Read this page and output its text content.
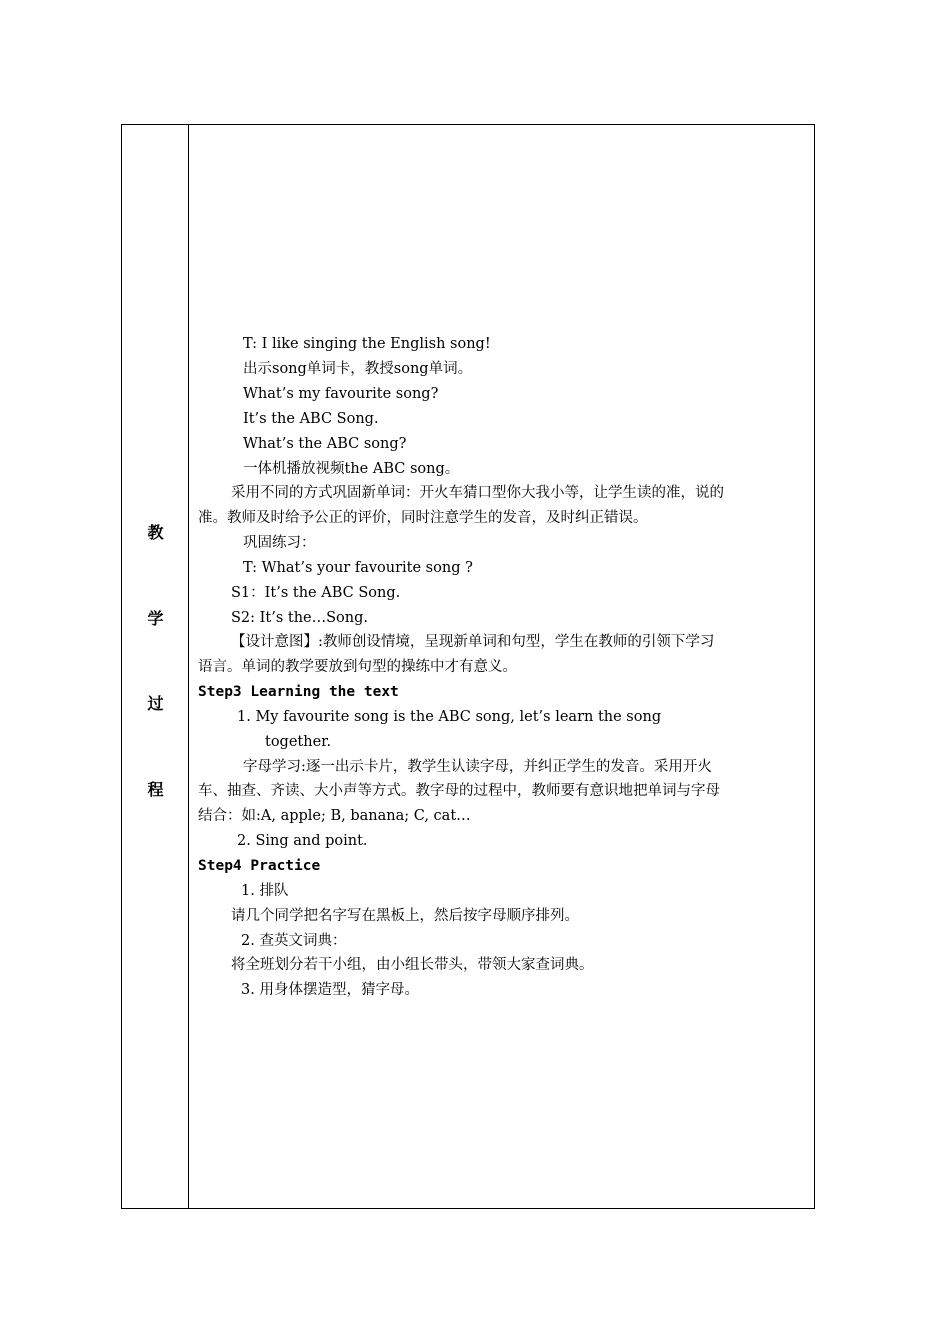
教
学
过
程
T: I like singing the English song!
出示song单词卡，教授song单词。
What’s my favourite song?
It’s the ABC Song.
What’s the ABC song?
一体机播放视频the ABC song。
采用不同的方式巩固新单词：开火车猜口型你大我小等，让学生读的准，说的
准。教师及时给予公正的评价，同时注意学生的发音，及时纠正错误。
巩固练习：
T: What’s your favourite song ?
S1：It’s the ABC Song.
S2: It’s the…Song.
【设计意图】:教师创设情境，呈现新单词和句型，学生在教师的引领下学习
语言。单词的教学要放到句型的操练中才有意义。
Step3 Learning the text
1. My favourite song is the ABC song, let’s learn the song
together.
字母学习:逐一出示卡片，教学生认读字母，并纠正学生的发音。采用开火
车、抽查、齐读、大小声等方式。教字母的过程中，教师要有意识地把单词与字母
结合：如:A, apple; B, banana; C, cat…
2. Sing and point.
Step4 Practice
1. 排队
请几个同学把名字写在黑板上，然后按字母顺序排列。
2. 查英文词典：
将全班划分若干小组，由小组长带头，带领大家查词典。
3. 用身体摆造型，猜字母。
